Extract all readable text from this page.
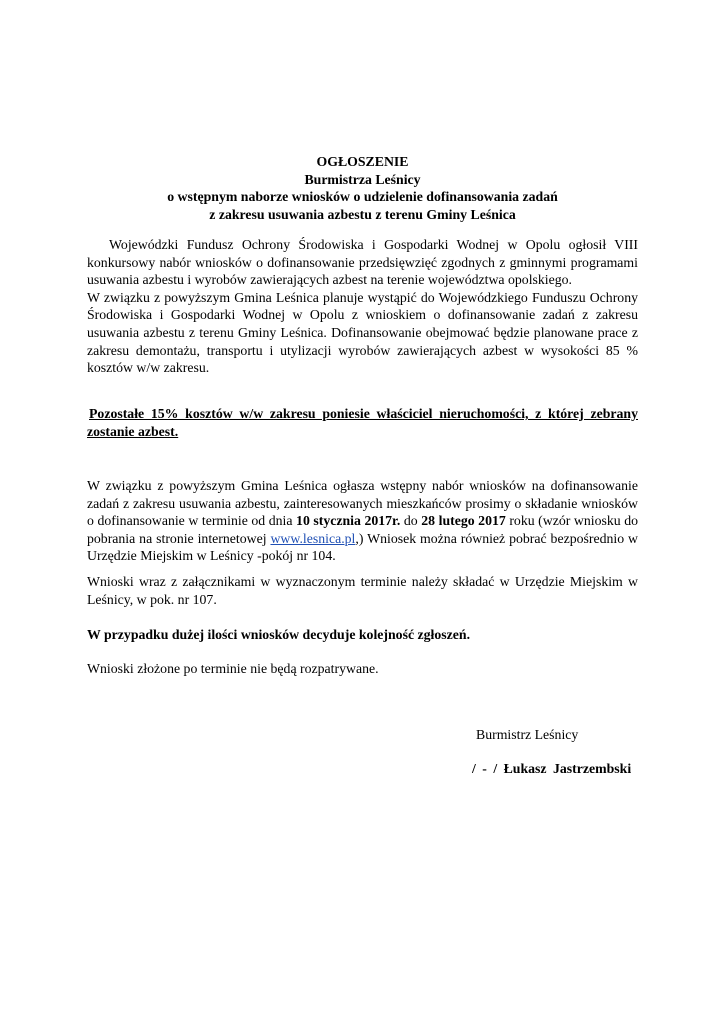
OGŁOSZENIE
Burmistrza Leśnicy
o wstępnym naborze wniosków o udzielenie dofinansowania zadań
z zakresu usuwania azbestu z terenu Gminy Leśnica

Wojewódzki Fundusz Ochrony Środowiska i Gospodarki Wodnej w Opolu ogłosił VIII konkursowy nabór wniosków o dofinansowanie przedsięwzięć zgodnych z gminnymi programami usuwania azbestu i wyrobów zawierających azbest na terenie województwa opolskiego.

W związku z powyższym Gmina Leśnica planuje wystąpić do Wojewódzkiego Funduszu Ochrony Środowiska i Gospodarki Wodnej w Opolu z wnioskiem o dofinansowanie zadań z zakresu usuwania azbestu z terenu Gminy Leśnica. Dofinansowanie obejmować będzie planowane prace z zakresu demontażu, transportu i utylizacji wyrobów zawierających azbest w wysokości 85 % kosztów w/w zakresu.

Pozostałe 15% kosztów w/w zakresu poniesie właściciel nieruchomości, z której zebrany zostanie azbest.
W związku z powyższym Gmina Leśnica ogłasza wstępny nabór wniosków na dofinansowanie zadań z zakresu usuwania azbestu, zainteresowanych mieszkańców prosimy o składanie wniosków o dofinansowanie w terminie od dnia 10 stycznia 2017r. do 28 lutego 2017 roku (wzór wniosku do pobrania na stronie internetowej www.lesnica.pl,) Wniosek można również pobrać bezpośrednio w Urzędzie Miejskim w Leśnicy -pokój nr 104.
Wnioski wraz z załącznikami w wyznaczonym terminie należy składać w Urzędzie Miejskim w Leśnicy, w pok. nr 107.
W przypadku dużej ilości wniosków decyduje kolejność zgłoszeń.
Wnioski złożone po terminie nie będą rozpatrywane.
Burmistrz Leśnicy
/ - / Łukasz Jastrzembski
